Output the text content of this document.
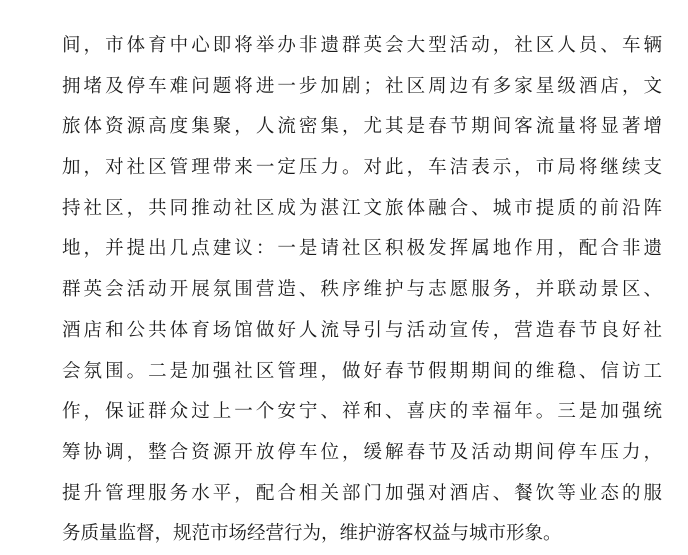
间，市体育中心即将举办非遗群英会大型活动，社区人员、车辆
拥堵及停车难问题将进一步加剧；社区周边有多家星级酒店，文
旅体资源高度集聚，人流密集，尤其是春节期间客流量将显著增
加，对社区管理带来一定压力。对此，车洁表示，市局将继续支
持社区，共同推动社区成为湛江文旅体融合、城市提质的前沿阵
地，并提出几点建议：一是请社区积极发挥属地作用，配合非遗
群英会活动开展氛围营造、秩序维护与志愿服务，并联动景区、
酒店和公共体育场馆做好人流导引与活动宣传，营造春节良好社
会氛围。二是加强社区管理，做好春节假期期间的维稳、信访工
作，保证群众过上一个安宁、祥和、喜庆的幸福年。三是加强统
筹协调，整合资源开放停车位，缓解春节及活动期间停车压力，
提升管理服务水平，配合相关部门加强对酒店、餐饮等业态的服
务质量监督，规范市场经营行为，维护游客权益与城市形象。
